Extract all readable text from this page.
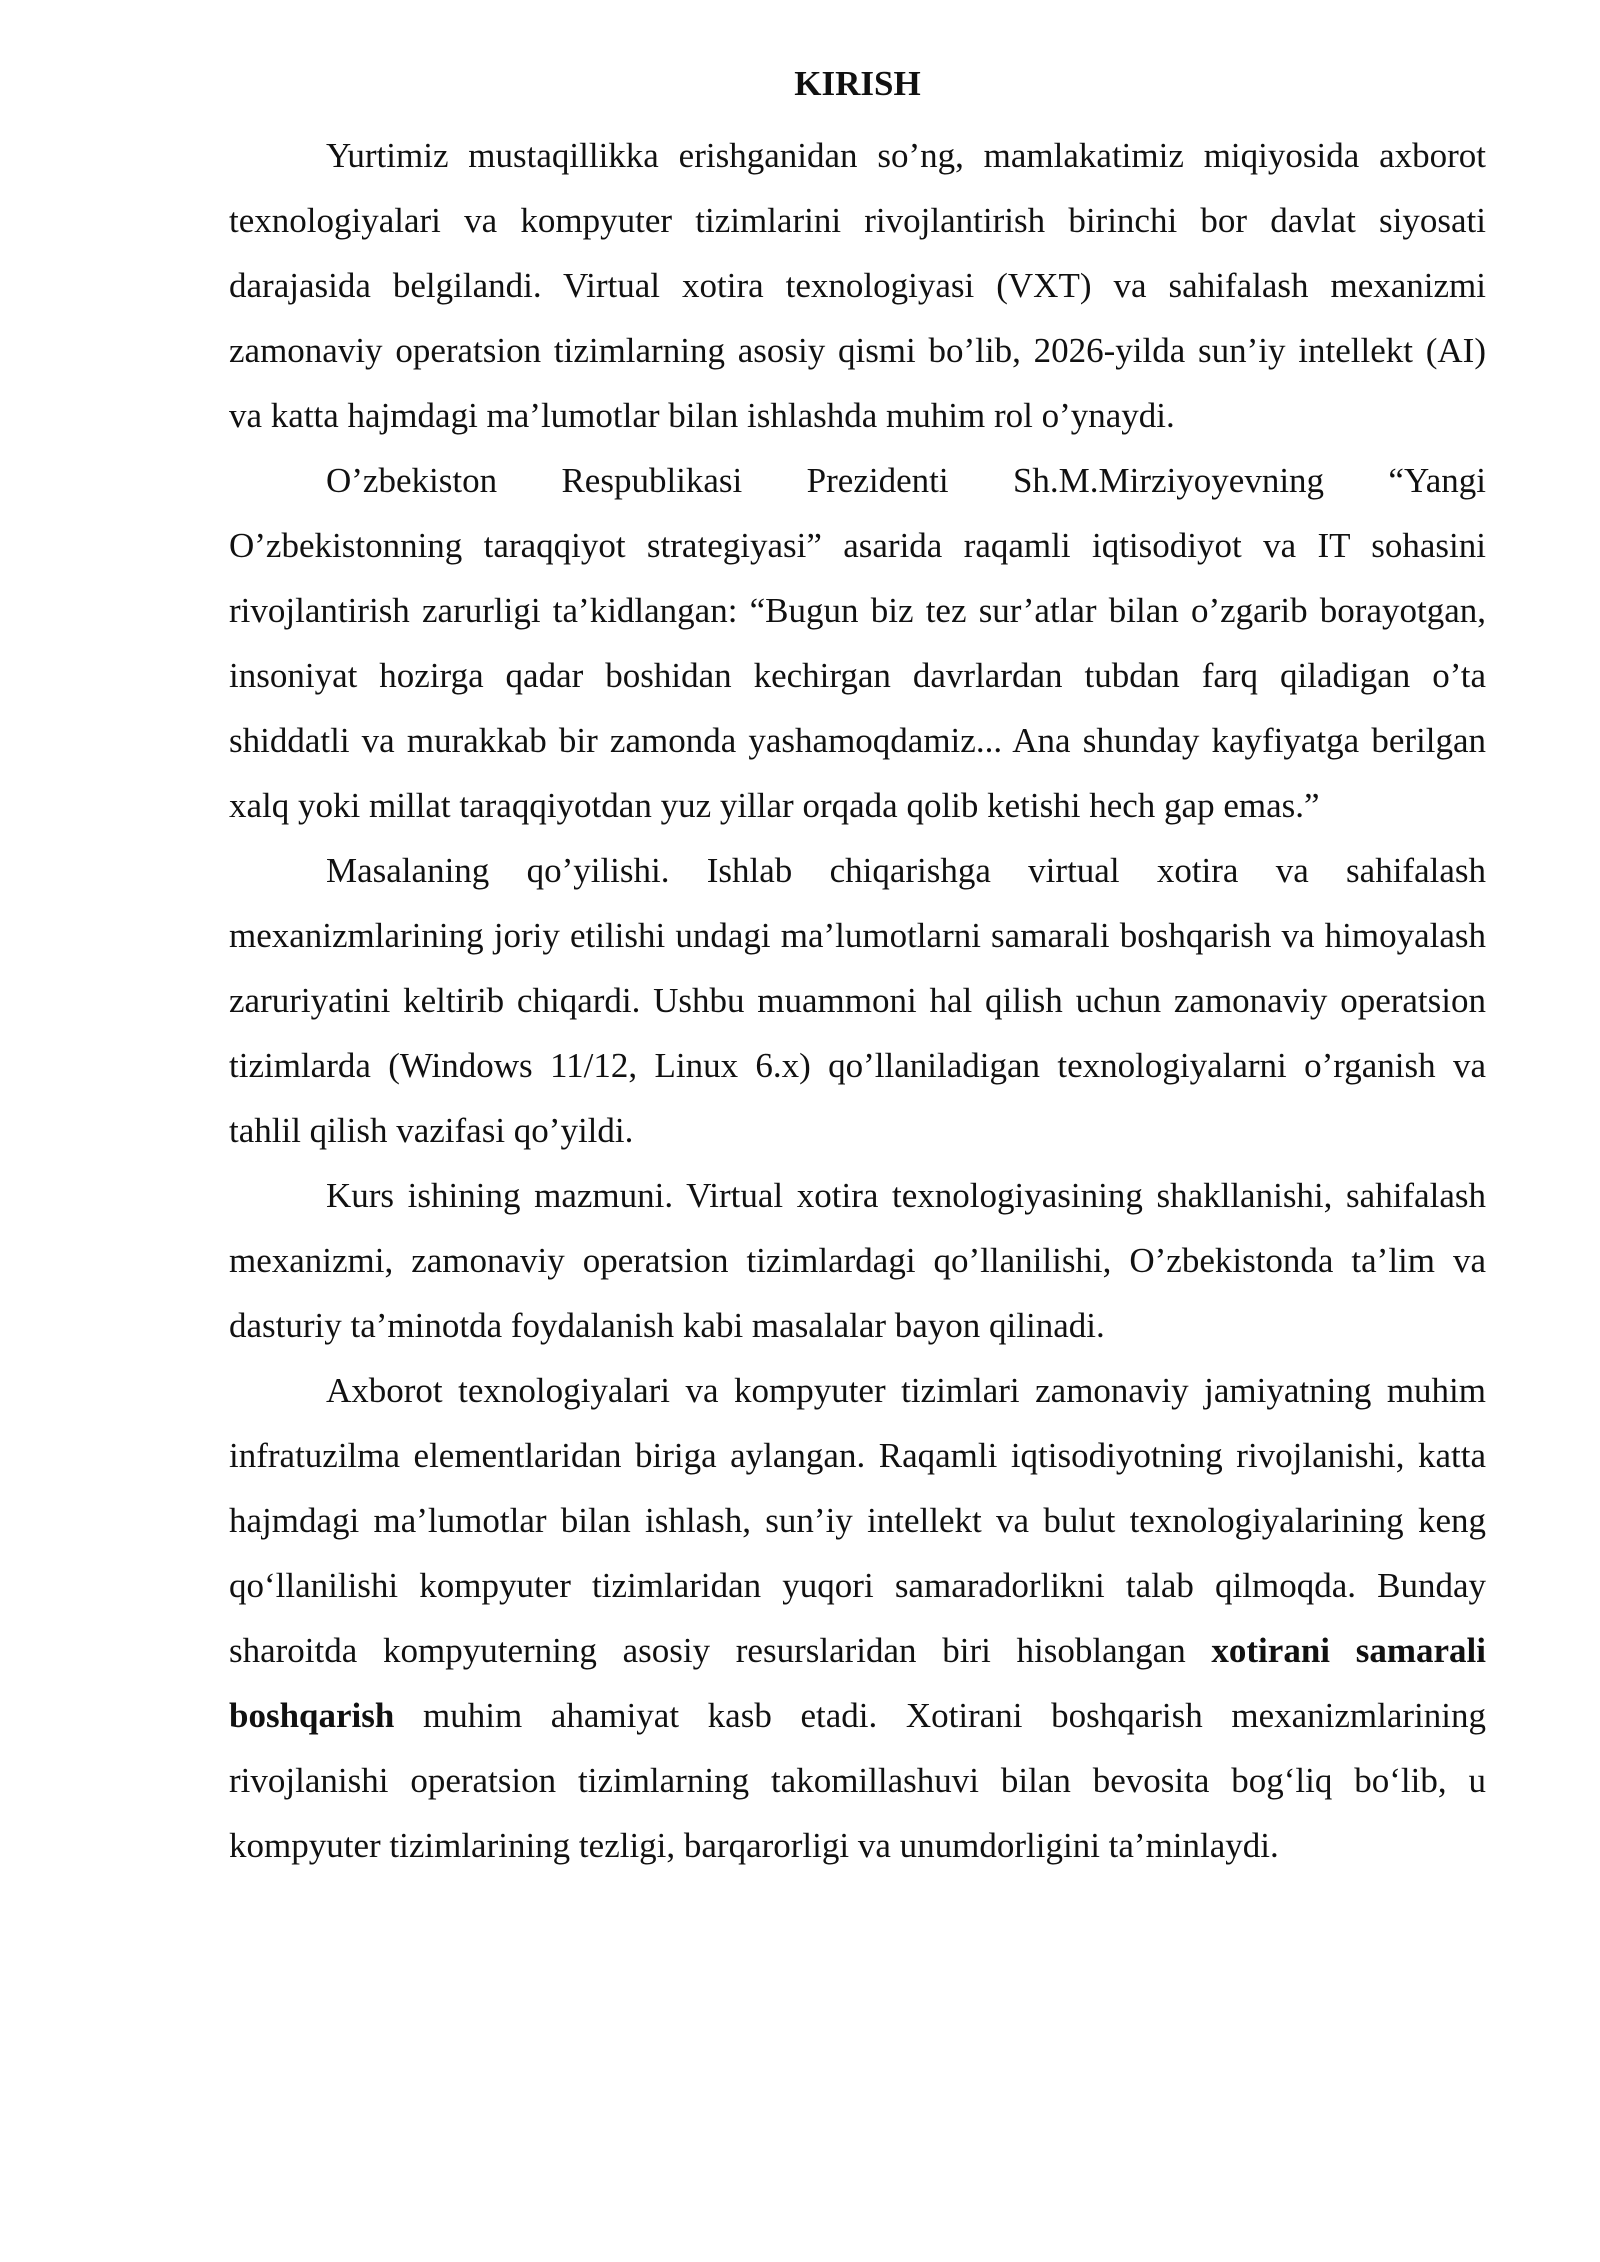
KIRISH

Yurtimiz mustaqillikka erishganidan so’ng, mamlakatimiz miqiyosida axborot texnologiyalari va kompyuter tizimlarini rivojlantirish birinchi bor davlat siyosati darajasida belgilandi. Virtual xotira texnologiyasi (VXT) va sahifalash mexanizmi zamonaviy operatsion tizimlarning asosiy qismi bo’lib, 2026-yilda sun’iy intellekt (AI) va katta hajmdagi ma’lumotlar bilan ishlashda muhim rol o’ynaydi.

O’zbekiston Respublikasi Prezidenti Sh.M.Mirziyoyevning “Yangi O’zbekistonning taraqqiyot strategiyasi” asarida raqamli iqtisodiyot va IT sohasini rivojlantirish zarurligi ta’kidlangan: “Bugun biz tez sur’atlar bilan o’zgarib borayotgan, insoniyat hozirga qadar boshidan kechirgan davrlardan tubdan farq qiladigan o’ta shiddatli va murakkab bir zamonda yashamoqdamiz... Ana shunday kayfiyatga berilgan xalq yoki millat taraqqiyotdan yuz yillar orqada qolib ketishi hech gap emas.”

Masalaning qo’yilishi. Ishlab chiqarishga virtual xotira va sahifalash mexanizmlarining joriy etilishi undagi ma’lumotlarni samarali boshqarish va himoyalash zaruriyatini keltirib chiqardi. Ushbu muammoni hal qilish uchun zamonaviy operatsion tizimlarda (Windows 11/12, Linux 6.x) qo’llaniladigan texnologiyalarni o’rganish va tahlil qilish vazifasi qo’yildi.

Kurs ishining mazmuni. Virtual xotira texnologiyasining shakllanishi, sahifalash mexanizmi, zamonaviy operatsion tizimlardagi qo’llanilishi, O’zbekistonda ta’lim va dasturiy ta’minotda foydalanish kabi masalalar bayon qilinadi.

Axborot texnologiyalari va kompyuter tizimlari zamonaviy jamiyatning muhim infratuzilma elementlaridan biriga aylangan. Raqamli iqtisodiyotning rivojlanishi, katta hajmdagi ma’lumotlar bilan ishlash, sun’iy intellekt va bulut texnologiyalarining keng qo‘llanilishi kompyuter tizimlaridan yuqori samaradorlikni talab qilmoqda. Bunday sharoitda kompyuterning asosiy resurslaridan biri hisoblangan xotirani samarali boshqarish muhim ahamiyat kasb etadi. Xotirani boshqarish mexanizmlarining rivojlanishi operatsion tizimlarning takomillashuvi bilan bevosita bog‘liq bo‘lib, u kompyuter tizimlarining tezligi, barqarorligi va unumdorligini ta’minlaydi.
